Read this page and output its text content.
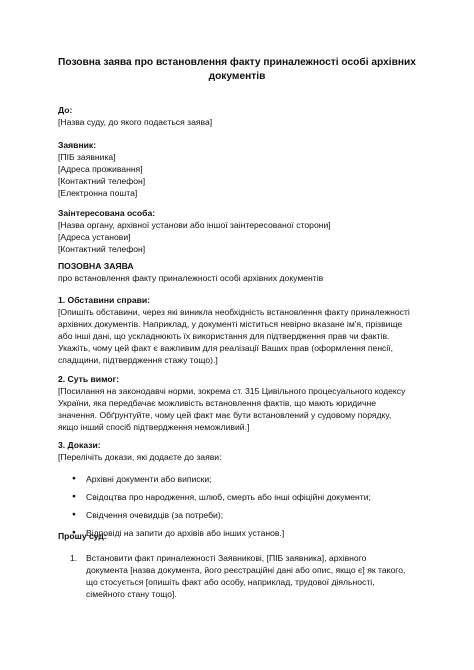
Позовна заява про встановлення факту приналежності особі архівних
документів
До:
[Назва суду, до якого подається заява]
Заявник:
[ПІБ заявника]
[Адреса проживання]
[Контактний телефон]
[Електронна пошта]
Заінтересована особа:
[Назва органу, архівної установи або іншої заінтересованої сторони]
[Адреса установи]
[Контактний телефон]
ПОЗОВНА ЗАЯВА
про встановлення факту приналежності особі архівних документів
1. Обставини справи:
[Опишіть обставини, через які виникла необхідність встановлення факту приналежності
архівних документів. Наприклад, у документі міститься невірно вказане ім'я, прізвище
або інші дані, що ускладнюють їх використання для підтвердження прав чи фактів.
Укажіть, чому цей факт є важливим для реалізації Ваших прав (оформлення пенсії,
спадщини, підтвердження стажу тощо).]
2. Суть вимог:
[Посилання на законодавчі норми, зокрема ст. 315 Цивільного процесуального кодексу
України, яка передбачає можливість встановлення фактів, що мають юридичне
значення. Обґрунтуйте, чому цей факт має бути встановлений у судовому порядку,
якщо інший спосіб підтвердження неможливий.]
3. Докази:
[Перелічіть докази, які додаєте до заяви:
● Архівні документи або виписки;
● Свідоцтва про народження, шлюб, смерть або інші офіційні документи;
● Свідчення очевидців (за потреби);
● Відповіді на запити до архівів або інших установ.]
Прошу суд:
1. Встановити факт приналежності Заявникові, [ПІБ заявника], архівного
документа [назва документа, його реєстраційні дані або опис, якщо є] як такого,
що стосується [опишіть факт або особу, наприклад, трудової діяльності,
сімейного стану тощо].
